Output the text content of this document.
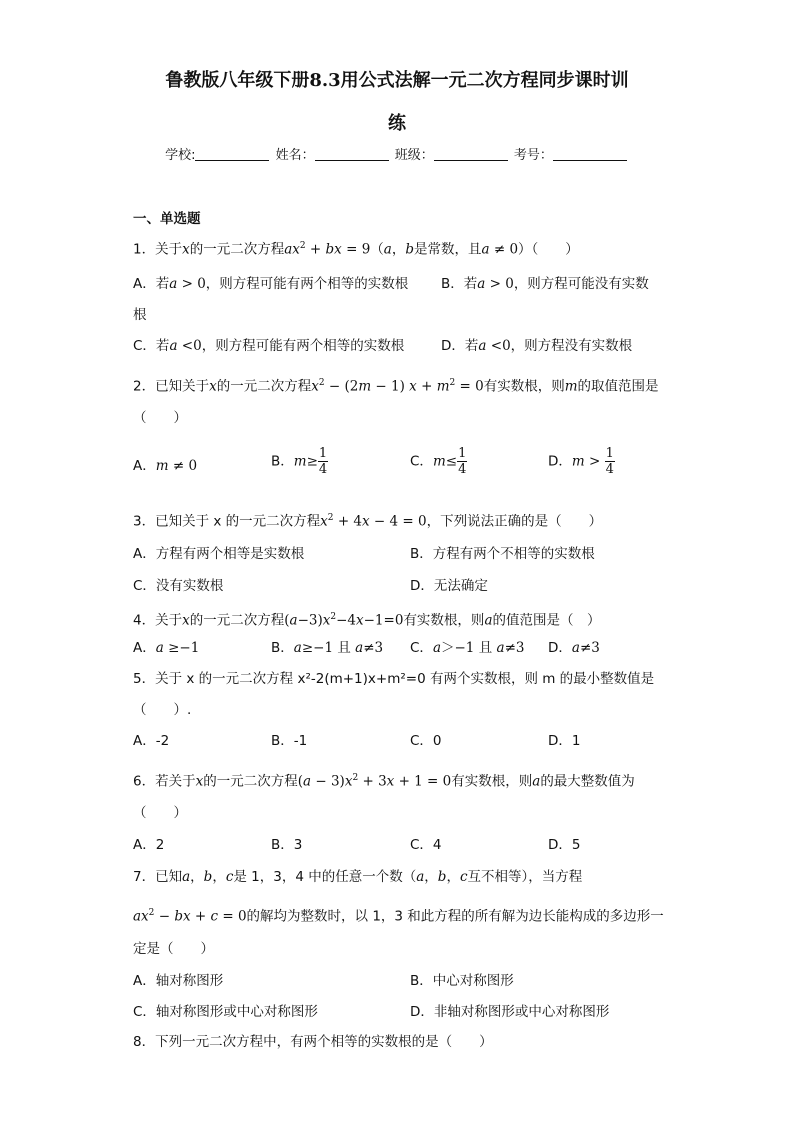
鲁教版八年级下册8.3用公式法解一元二次方程同步课时训
练
学校:	姓名：	班级：	考号：
一、单选题
1．关于x的一元二次方程$ax^2$ + bx = 9（a，b是常数，且a ≠ 0）（　　）
A．若a > 0，则方程可能有两个相等的实数根 B．若a > 0，则方程可能没有实数
根
C．若a <0，则方程可能有两个相等的实数根	D．若a <0，则方程没有实数根
2．已知关于x的一元二次方程$x^2 - (2m - 1) x + m^2 = 0$有实数根，则m的取值范围是
（　　）
A．m ≠ 0	B．$m\ge \frac{1}{4}$	C．$m\le \frac{1}{4}$	D．$m > \frac{1}{4}$
3．已知关于 x 的一元二次方程$x^2 + 4x - 4 = 0$，下列说法正确的是（　　）
A．方程有两个相等是实数根	B．方程有两个不相等的实数根
C．没有实数根	D．无法确定
4．关于x的一元二次方程$(a-3)x^2-4x-1=0$有实数根，则a的值范围是（　）
A．a ≥−1	B．a≥−1 且 a≠3 C．a＞−1 且 a≠3 D．a≠3
5．关于 x 的一元二次方程 x²-2(m+1)x+m²=0 有两个实数根，则 m 的最小整数值是
（　　）.
A．-2	B．-1	C．0	D．1
6．若关于x的一元二次方程$(a - 3)x^2 + 3x + 1 = 0$有实数根，则a的最大整数值为
（　　）
A．2	B．3	C．4	D．5
7．已知a，b，c是 1，3，4 中的任意一个数（a，b，c互不相等），当方程
$ax^2$ − bx + c = 0的解均为整数时，以 1，3 和此方程的所有解为边长能构成的多边形一
定是（　　）
A．轴对称图形	B．中心对称图形
C．轴对称图形或中心对称图形	D．非轴对称图形或中心对称图形
8．下列一元二次方程中，有两个相等的实数根的是（　　）
